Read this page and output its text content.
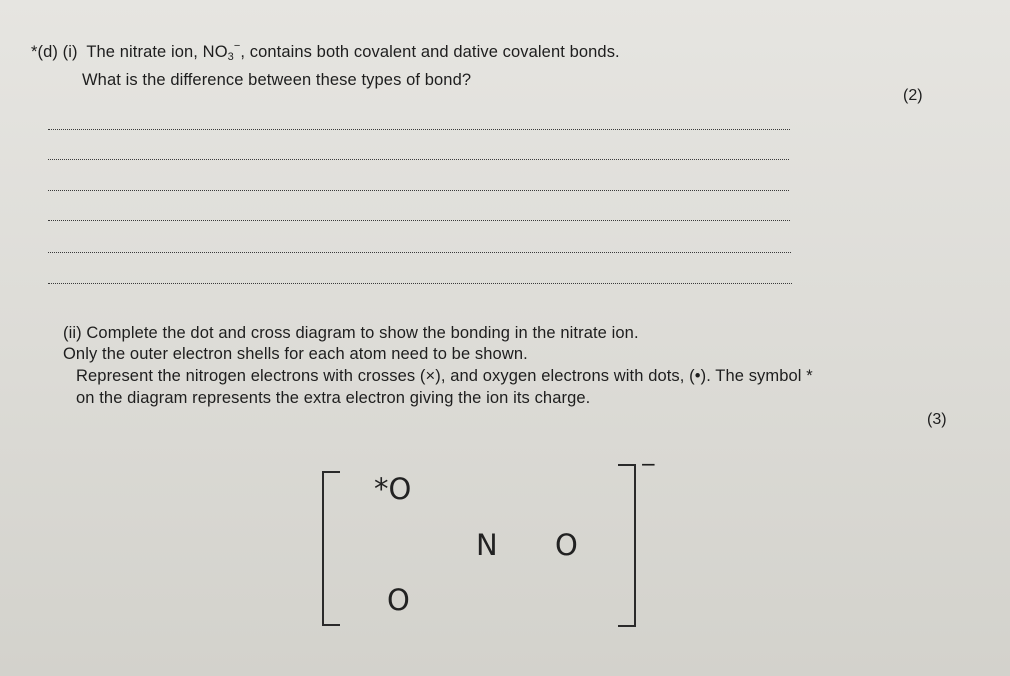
*(d) (i) The nitrate ion, $NO_3^-$, contains both covalent and dative covalent bonds.
What is the difference between these types of bond?
(2)
(ii) Complete the dot and cross diagram to show the bonding in the nitrate ion.
Only the outer electron shells for each atom need to be shown.
Represent the nitrogen electrons with crosses (×), and oxygen electrons with dots, (•). The symbol *
on the diagram represents the extra electron giving the ion its charge.
(3)
−
*O
N O
O
